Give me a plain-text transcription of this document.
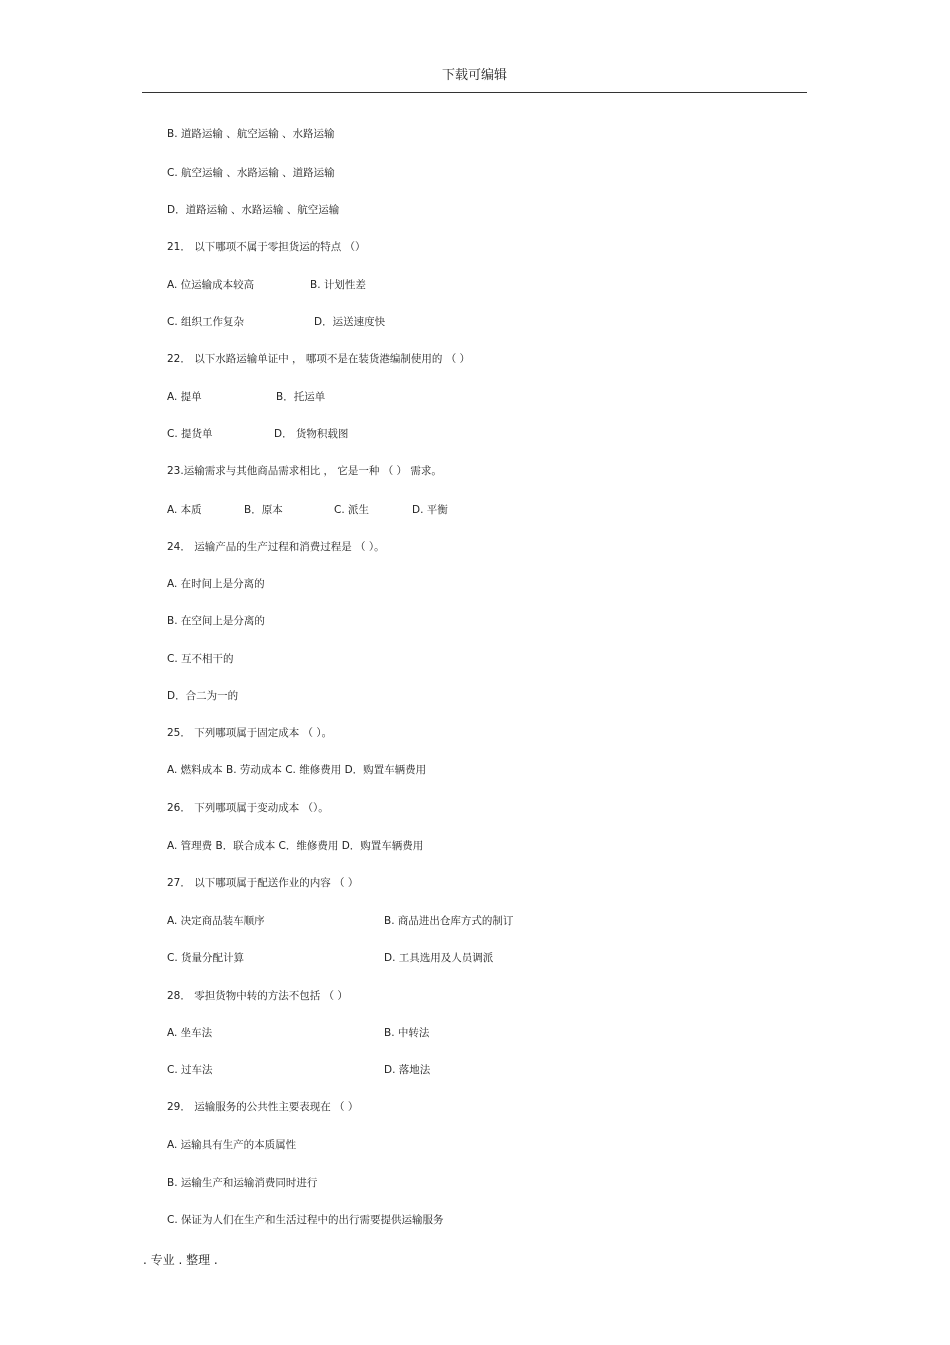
下载可编辑
B. 道路运输 、航空运输 、水路运输
C. 航空运输 、水路运输 、道路运输
D．道路运输 、水路运输 、航空运输
21． 以下哪项不属于零担货运的特点 （）
A. 位运输成本较高	B. 计划性差
C. 组织工作复杂	D．运送速度快
22． 以下水路运输单证中 ， 哪项不是在装货港编制使用的 （ ）
A. 提单	B．托运单
C. 提货单	D． 货物积载图
23.运输需求与其他商品需求相比 ， 它是一种 （ ） 需求。
A. 本质	B．原本	C. 派生	D. 平衡
24． 运输产品的生产过程和消费过程是 （ ）。
A. 在时间上是分离的
B. 在空间上是分离的
C. 互不相干的
D．合二为一的
25． 下列哪项属于固定成本 （ ）。
A. 燃料成本 B. 劳动成本 C. 维修费用 D．购置车辆费用
26． 下列哪项属于变动成本 （）。
A. 管理费 B．联合成本 C．维修费用 D．购置车辆费用
27． 以下哪项属于配送作业的内容 （ ）
A. 决定商品装车顺序	B. 商品进出仓库方式的制订
C. 货量分配计算	D. 工具选用及人员调派
28． 零担货物中转的方法不包括 （ ）
A. 坐车法	B. 中转法
C. 过车法	D. 落地法
29． 运输服务的公共性主要表现在 （ ）
A. 运输具有生产的本质属性
B. 运输生产和运输消费同时进行
C. 保证为人们在生产和生活过程中的出行需要提供运输服务
. 专业 . 整理 .
